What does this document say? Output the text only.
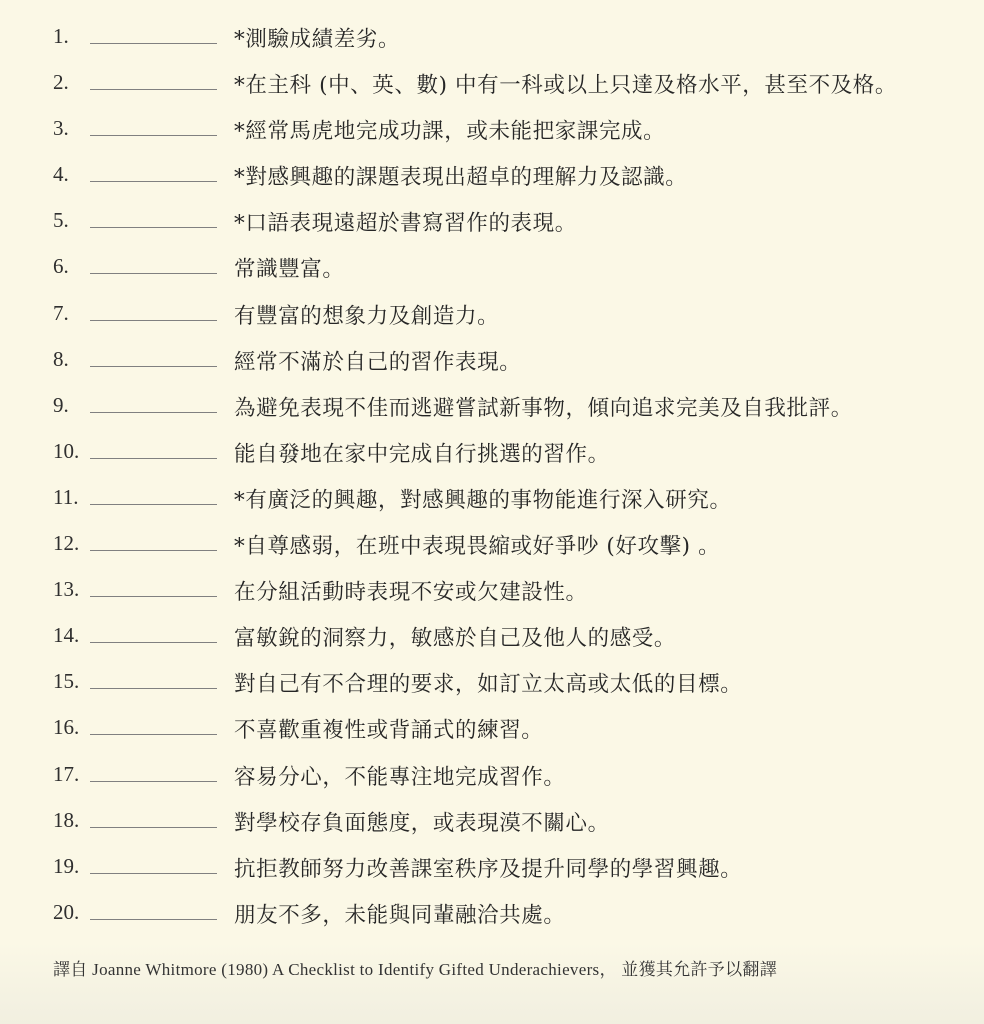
1.	*測驗成績差劣。
2.	*在主科 (中、英、數) 中有一科或以上只達及格水平，甚至不及格。
3.	*經常馬虎地完成功課，或未能把家課完成。
4.	*對感興趣的課題表現出超卓的理解力及認識。
5.	*口語表現遠超於書寫習作的表現。
6.	常識豐富。
7.	有豐富的想象力及創造力。
8.	經常不滿於自己的習作表現。
9.	為避免表現不佳而逃避嘗試新事物，傾向追求完美及自我批評。
10.	能自發地在家中完成自行挑選的習作。
11.	*有廣泛的興趣，對感興趣的事物能進行深入研究。
12.	*自尊感弱，在班中表現畏縮或好爭吵 (好攻擊) 。
13.	在分組活動時表現不安或欠建設性。
14.	富敏銳的洞察力，敏感於自己及他人的感受。
15.	對自己有不合理的要求，如訂立太高或太低的目標。
16.	不喜歡重複性或背誦式的練習。
17.	容易分心，不能專注地完成習作。
18.	對學校存負面態度，或表現漠不關心。
19.	抗拒教師努力改善課室秩序及提升同學的學習興趣。
20.	朋友不多，未能與同輩融洽共處。
譯自 Joanne Whitmore (1980) A Checklist to Identify Gifted Underachievers， 並獲其允許予以翻譯
